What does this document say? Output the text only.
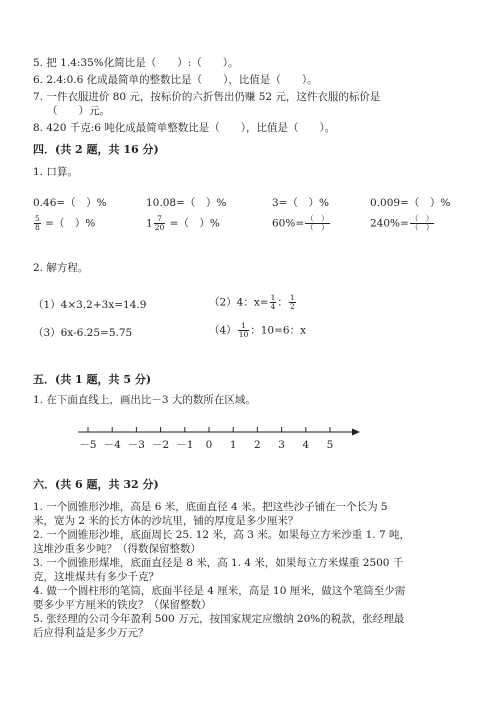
5. 把 1.4:35%化简比是（　　）:（　　）。
6. 2.4:0.6 化成最简单的整数比是（　　），比值是（　　）。
7. 一件衣服进价 80 元，按标价的六折售出仍赚 52 元，这件衣服的标价是
（　　）元。
8. 420 千克:6 吨化成最简单整数比是（　　），比值是（　　）。
四．(共 2 题，共 16 分)
1. 口算。
0.46=（　）%	10.08=（　）%	3=（　）%	0.009=（　）%
$\frac{5}{8}$ =（　）%	$1 \frac{7}{20}$ =（　）%	$60\%= \frac{( )}{( )}$	$240\%= \frac{( )}{( )}$
2. 解方程。
（1）4×3.2+3x=14.9	（2）4：$x= \frac{1}{4}$ ： $\frac{1}{2}$
（3）6x-6.25=5.75	$(4) \frac{1}{10}$ ：10=6：x
五．(共 1 题，共 5 分)
1. 在下面直线上，画出比－3 大的数所在区域。
－5 －4 －3 －2 －1 0 1 2 3 4 5
六．(共 6 题，共 32 分)
1. 一个圆锥形沙堆，高是 6 米，底面直径 4 米。把这些沙子铺在一个长为 5
米，宽为 2 米的长方体的沙坑里，铺的厚度是多少厘米？
2. 一个圆锥形沙堆，底面周长 25. 12 米，高 3 米。如果每立方米沙重 1. 7 吨，
这堆沙重多少吨？（得数保留整数）
3. 一个圆锥形煤堆，底面直径是 8 米，高 1. 4 米，如果每立方米煤重 2500 千
克，这堆煤共有多少千克？
4. 做一个圆柱形的笔筒，底面半径是 4 厘米，高是 10 厘米，做这个笔筒至少需
要多少平方厘米的铁皮？（保留整数）
5. 张经理的公司今年盈利 500 万元，按国家规定应缴纳 20%的税款，张经理最
后应得利益是多少万元？
